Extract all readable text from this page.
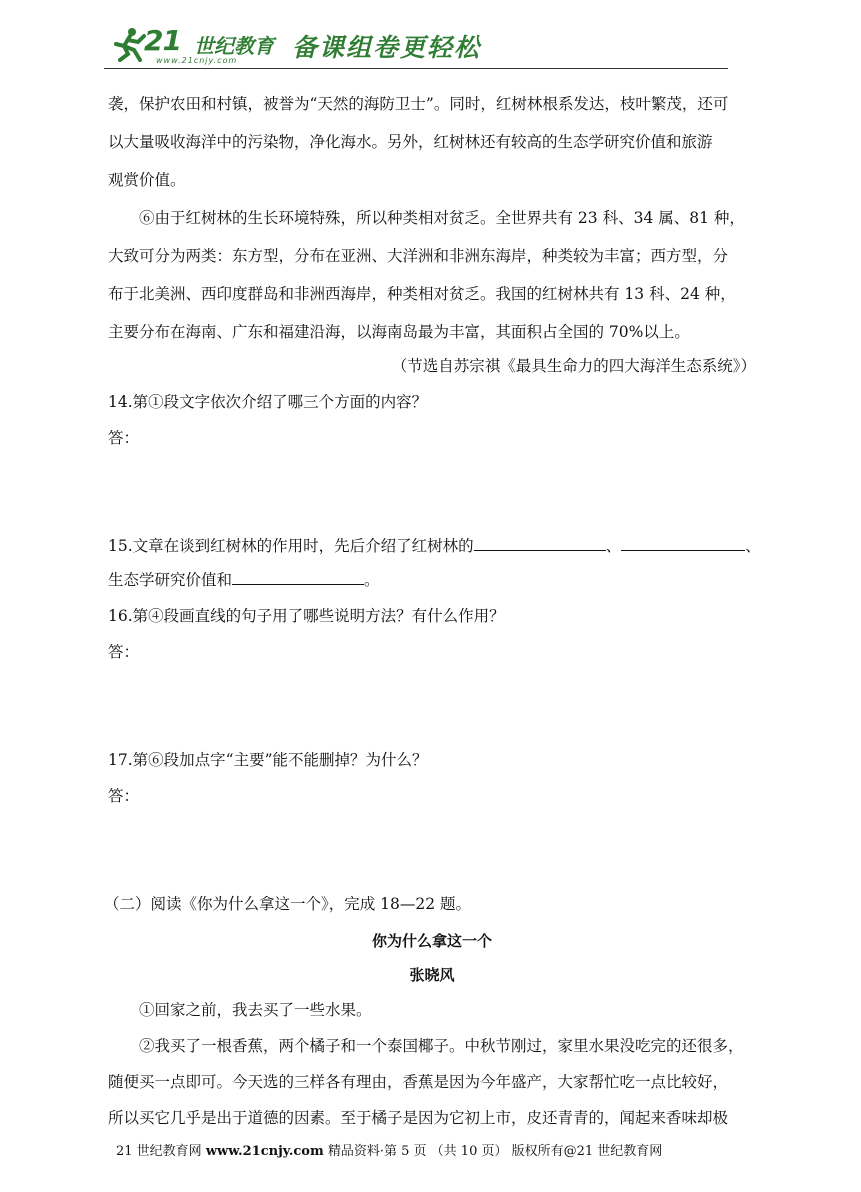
21 世纪教育
www.21cnjy.com 备课组卷更轻松
袭，保护农田和村镇，被誉为“天然的海防卫士”。同时，红树林根系发达，枝叶繁茂，还可
以大量吸收海洋中的污染物，净化海水。另外，红树林还有较高的生态学研究价值和旅游
观赏价值。
⑥由于红树林的生长环境特殊，所以种类相对贫乏。全世界共有 23 科、34 属、81 种，
大致可分为两类：东方型，分布在亚洲、大洋洲和非洲东海岸，种类较为丰富；西方型，分
布于北美洲、西印度群岛和非洲西海岸，种类相对贫乏。我国的红树林共有 13 科、24 种，
主要分布在海南、广东和福建沿海，以海南岛最为丰富，其面积占全国的 70%以上。
（节选自苏宗祺《最具生命力的四大海洋生态系统》）
14.第①段文字依次介绍了哪三个方面的内容？
答：
15.文章在谈到红树林的作用时，先后介绍了红树林的	、	、
生态学研究价值和	。
16.第④段画直线的句子用了哪些说明方法？有什么作用？
答：
17.第⑥段加点字“主要”能不能删掉？为什么？
答：
（二）阅读《你为什么拿这一个》，完成 18—22 题。
你为什么拿这一个
张晓风
①回家之前，我去买了一些水果。
②我买了一根香蕉，两个橘子和一个泰国椰子。中秋节刚过，家里水果没吃完的还很多，
随便买一点即可。今天选的三样各有理由，香蕉是因为今年盛产，大家帮忙吃一点比较好，
所以买它几乎是出于道德的因素。至于橘子是因为它初上市，皮还青青的，闻起来香味却极
21 世纪教育网 www.21cnjy.com 精品资料·第 5 页 （共 10 页） 版权所有@21 世纪教育网
